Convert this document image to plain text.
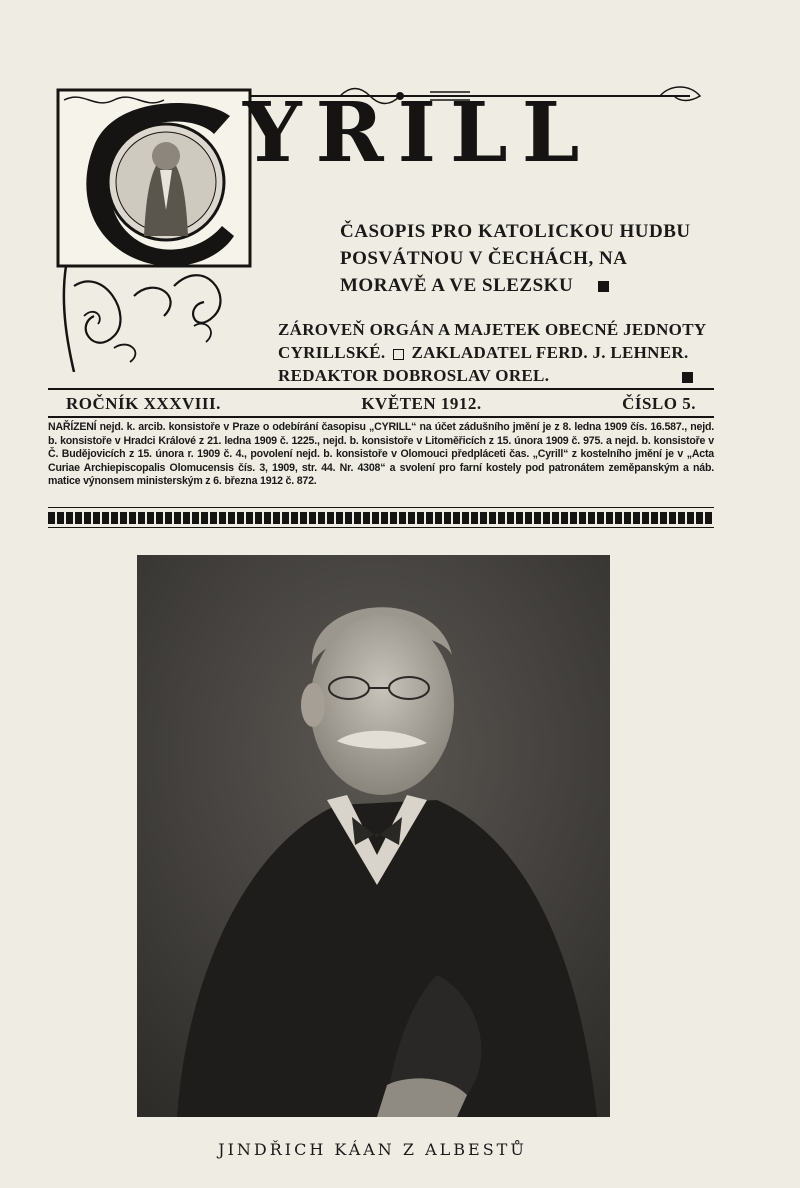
YRILL

ČASOPIS PRO KATOLICKOU HUDBU POSVÁTNOU V ČECHÁCH, NA MORAVĚ A VE SLEZSKU

ZÁROVEŇ ORGÁN A MAJETEK OBECNÉ JEDNOTY
CYRILLSKÉ. ZAKLADATEL FERD. J. LEHNER.
REDAKTOR DOBROSLAV OREL.

ROČNÍK XXXVIII.	KVĚTEN 1912.	ČÍSLO 5.

NAŘÍZENÍ nejd. k. arcib. konsistoře v Praze o odebírání časopisu „CYRILL“ na účet zádušního jmění je z 8. ledna 1909 čís. 16.587., nejd. b. konsistoře v Hradci Králové z 21. ledna 1909 č. 1225., nejd. b. konsistoře v Litoměřicích z 15. února 1909 č. 975. a nejd. b. konsistoře v Č. Budějovicích z 15. února r. 1909 č. 4., povolení nejd. b. konsistoře v Olomouci předpláceti čas. „Cyrill“ z kostelního jmění je v „Acta Curiae Archiepiscopalis Olomucensis čís. 3, 1909, str. 44. Nr. 4308“ a svolení pro farní kostely pod patronátem zeměpanským a náb. matice výnonsem ministerským z 6. března 1912 č. 872.

JINDŘICH KÁAN Z ALBESTŮ
